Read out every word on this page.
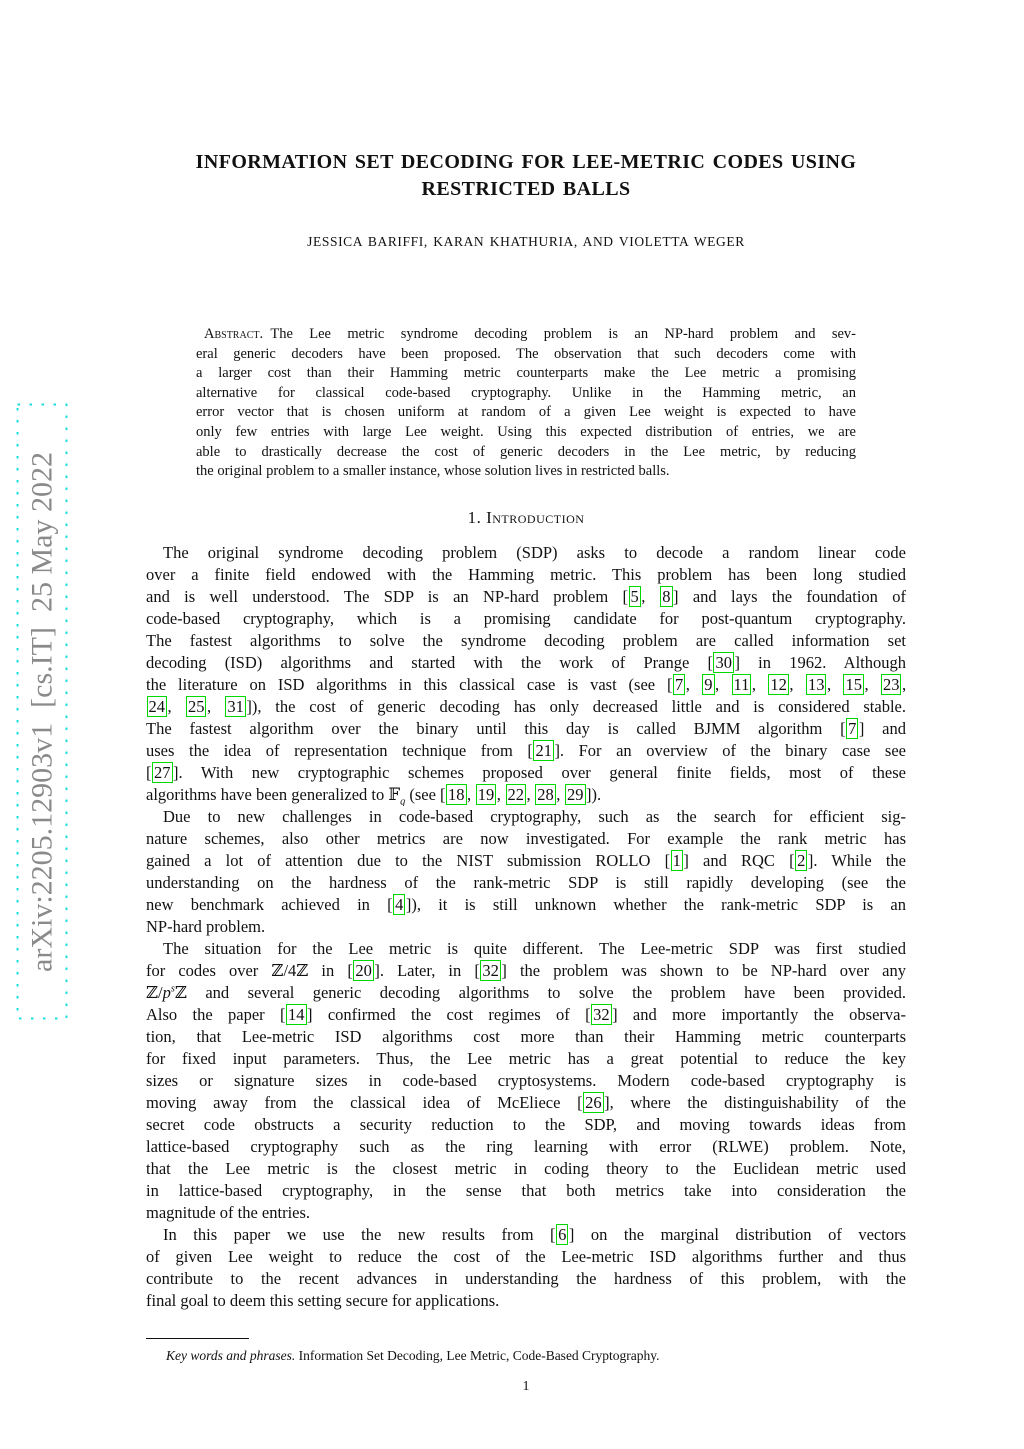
arXiv:2205.12903v1  [cs.IT]  25 May 2022
INFORMATION SET DECODING FOR LEE-METRIC CODES USING
RESTRICTED BALLS
JESSICA BARIFFI, KARAN KHATHURIA, AND VIOLETTA WEGER
Abstract. The Lee metric syndrome decoding problem is an NP-hard problem and sev-
eral generic decoders have been proposed. The observation that such decoders come with
a larger cost than their Hamming metric counterparts make the Lee metric a promising
alternative for classical code-based cryptography. Unlike in the Hamming metric, an
error vector that is chosen uniform at random of a given Lee weight is expected to have
only few entries with large Lee weight. Using this expected distribution of entries, we are
able to drastically decrease the cost of generic decoders in the Lee metric, by reducing
the original problem to a smaller instance, whose solution lives in restricted balls.
1. Introduction
The original syndrome decoding problem (SDP) asks to decode a random linear code
over a finite field endowed with the Hamming metric. This problem has been long studied
and is well understood. The SDP is an NP-hard problem [ 5 , 8 ] and lays the foundation of
code-based cryptography, which is a promising candidate for post-quantum cryptography.
The fastest algorithms to solve the syndrome decoding problem are called information set
decoding (ISD) algorithms and started with the work of Prange [ 30 ] in 1962. Although
the literature on ISD algorithms in this classical case is vast (see [ 7 , 9 , 11 , 12 , 13 , 15 , 23 ,
24 , 25 , 31 ]), the cost of generic decoding has only decreased little and is considered stable.
The fastest algorithm over the binary until this day is called BJMM algorithm [ 7 ] and
uses the idea of representation technique from [ 21 ]. For an overview of the binary case see
[ 27 ]. With new cryptographic schemes proposed over general finite fields, most of these
algorithms have been generalized to 𝔽$_q$ (see [ 18 , 19 , 22 , 28 , 29 ]).
Due to new challenges in code-based cryptography, such as the search for efficient sig-
nature schemes, also other metrics are now investigated. For example the rank metric has
gained a lot of attention due to the NIST submission ROLLO [ 1 ] and RQC [ 2 ]. While the
understanding on the hardness of the rank-metric SDP is still rapidly developing (see the
new benchmark achieved in [ 4 ]), it is still unknown whether the rank-metric SDP is an
NP-hard problem.
The situation for the Lee metric is quite different. The Lee-metric SDP was first studied
for codes over ℤ/4ℤ in [ 20 ]. Later, in [ 32 ] the problem was shown to be NP-hard over any
$ℤ/p^sℤ$ and several generic decoding algorithms to solve the problem have been provided.
Also the paper [ 14 ] confirmed the cost regimes of [ 32 ] and more importantly the observa-
tion, that Lee-metric ISD algorithms cost more than their Hamming metric counterparts
for fixed input parameters. Thus, the Lee metric has a great potential to reduce the key
sizes or signature sizes in code-based cryptosystems. Modern code-based cryptography is
moving away from the classical idea of McEliece [ 26 ], where the distinguishability of the
secret code obstructs a security reduction to the SDP, and moving towards ideas from
lattice-based cryptography such as the ring learning with error (RLWE) problem. Note,
that the Lee metric is the closest metric in coding theory to the Euclidean metric used
in lattice-based cryptography, in the sense that both metrics take into consideration the
magnitude of the entries.
In this paper we use the new results from [ 6 ] on the marginal distribution of vectors
of given Lee weight to reduce the cost of the Lee-metric ISD algorithms further and thus
contribute to the recent advances in understanding the hardness of this problem, with the
final goal to deem this setting secure for applications.
Key words and phrases. Information Set Decoding, Lee Metric, Code-Based Cryptography.
1
